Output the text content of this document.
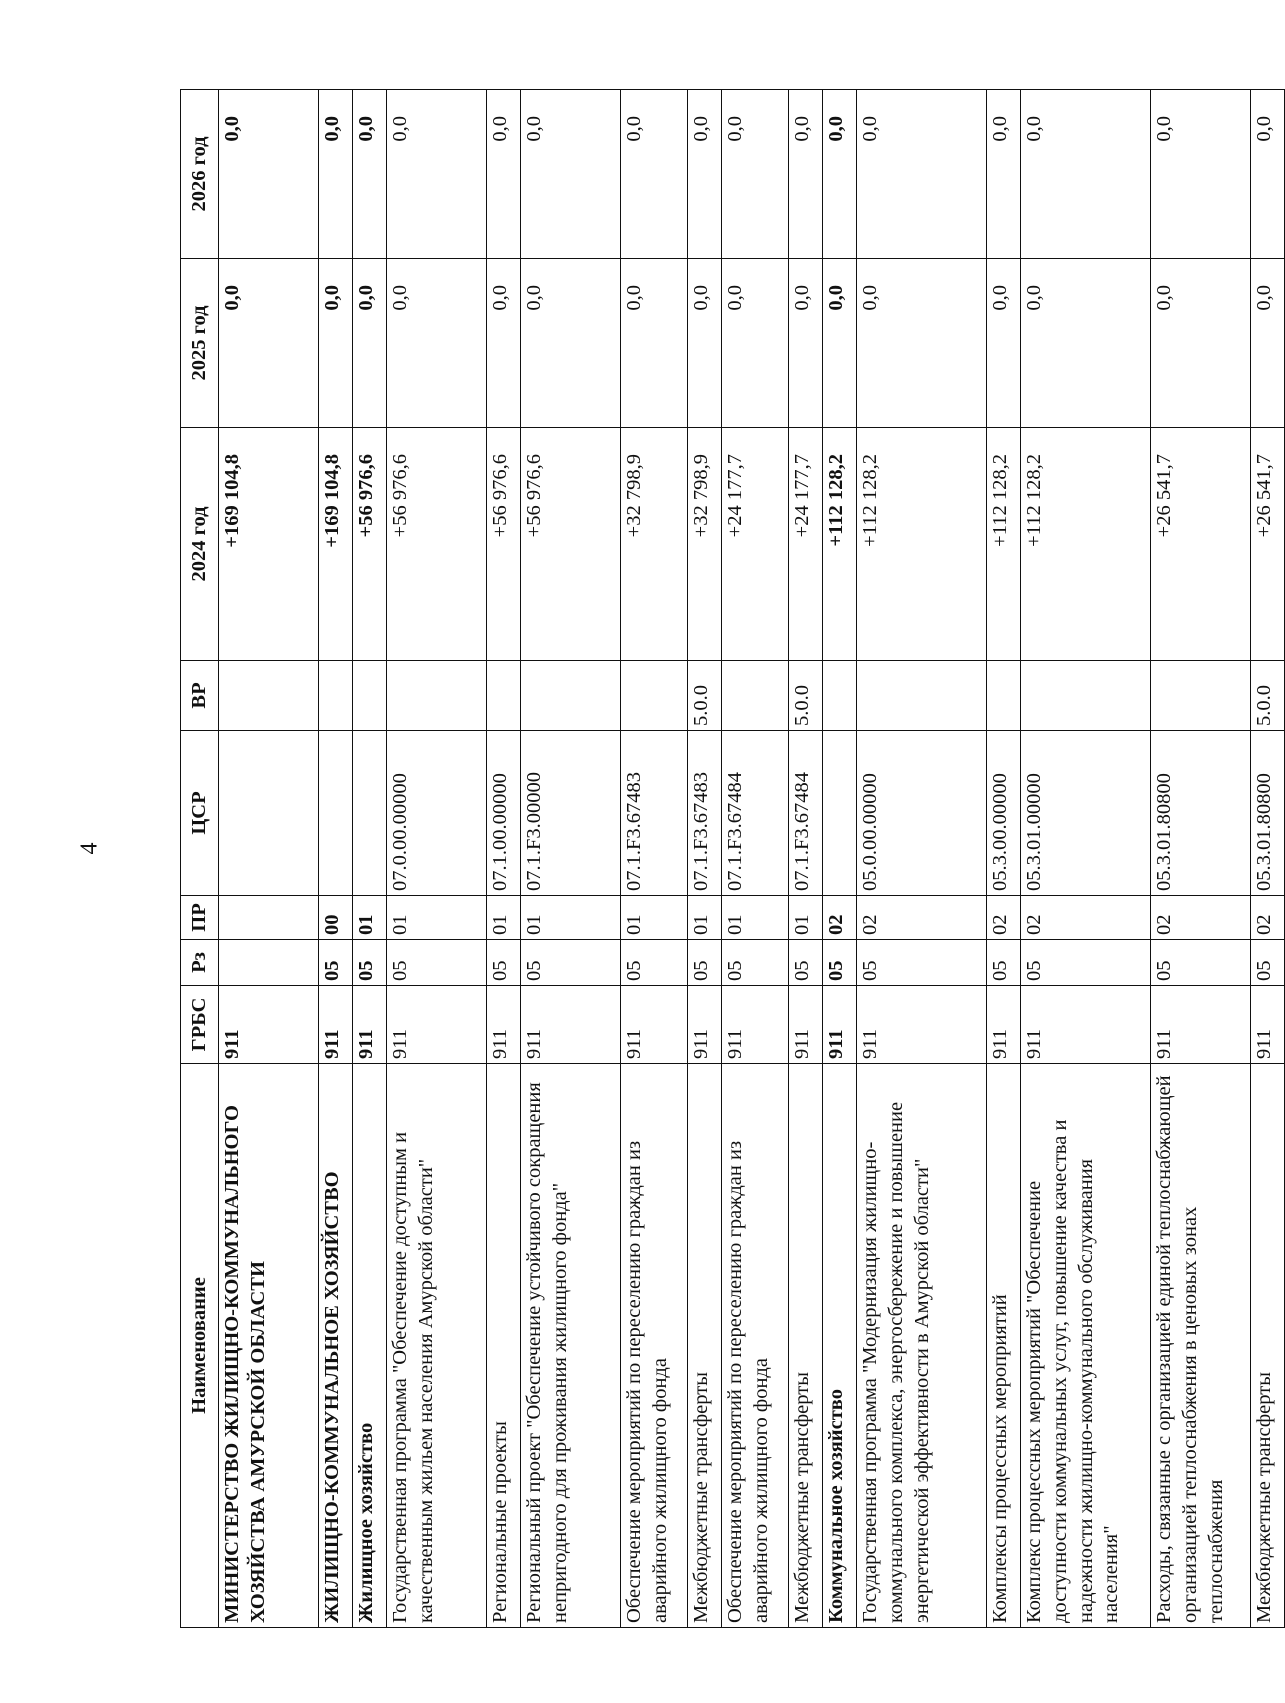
4
Наименование	ГРБС	Рз	ПР	ЦСР	ВР	2024 год	2025 год	2026 год
МИНИСТЕРСТВО ЖИЛИЩНО-КОММУНАЛЬНОГО ХОЗЯЙСТВА АМУРСКОЙ ОБЛАСТИ	911					+169 104,8	0,0	0,0
ЖИЛИЩНО-КОММУНАЛЬНОЕ ХОЗЯЙСТВО	911	05	00			+169 104,8	0,0	0,0
Жилищное хозяйство	911	05	01			+56 976,6	0,0	0,0
Государственная программа "Обеспечение доступным и качественным жильем населения Амурской области"	911	05	01	07.0.00.00000		+56 976,6	0,0	0,0
Региональные проекты	911	05	01	07.1.00.00000		+56 976,6	0,0	0,0
Региональный проект "Обеспечение устойчивого сокращения непригодного для проживания жилищного фонда"	911	05	01	07.1.F3.00000		+56 976,6	0,0	0,0
Обеспечение мероприятий по переселению граждан из аварийного жилищного фонда	911	05	01	07.1.F3.67483		+32 798,9	0,0	0,0
Межбюджетные трансферты	911	05	01	07.1.F3.67483	5.0.0	+32 798,9	0,0	0,0
Обеспечение мероприятий по переселению граждан из аварийного жилищного фонда	911	05	01	07.1.F3.67484		+24 177,7	0,0	0,0
Межбюджетные трансферты	911	05	01	07.1.F3.67484	5.0.0	+24 177,7	0,0	0,0
Коммунальное хозяйство	911	05	02			+112 128,2	0,0	0,0
Государственная программа "Модернизация жилищно-коммунального комплекса, энергосбережение и повышение энергетической эффективности в Амурской области"	911	05	02	05.0.00.00000		+112 128,2	0,0	0,0
Комплексы процессных мероприятий	911	05	02	05.3.00.00000		+112 128,2	0,0	0,0
Комплекс процессных мероприятий "Обеспечение доступности коммунальных услуг, повышение качества и надежности жилищно-коммунального обслуживания населения"	911	05	02	05.3.01.00000		+112 128,2	0,0	0,0
Расходы, связанные с организацией единой теплоснабжающей организацией теплоснабжения в ценовых зонах теплоснабжения	911	05	02	05.3.01.80800		+26 541,7	0,0	0,0
Межбюджетные трансферты	911	05	02	05.3.01.80800	5.0.0	+26 541,7	0,0	0,0
